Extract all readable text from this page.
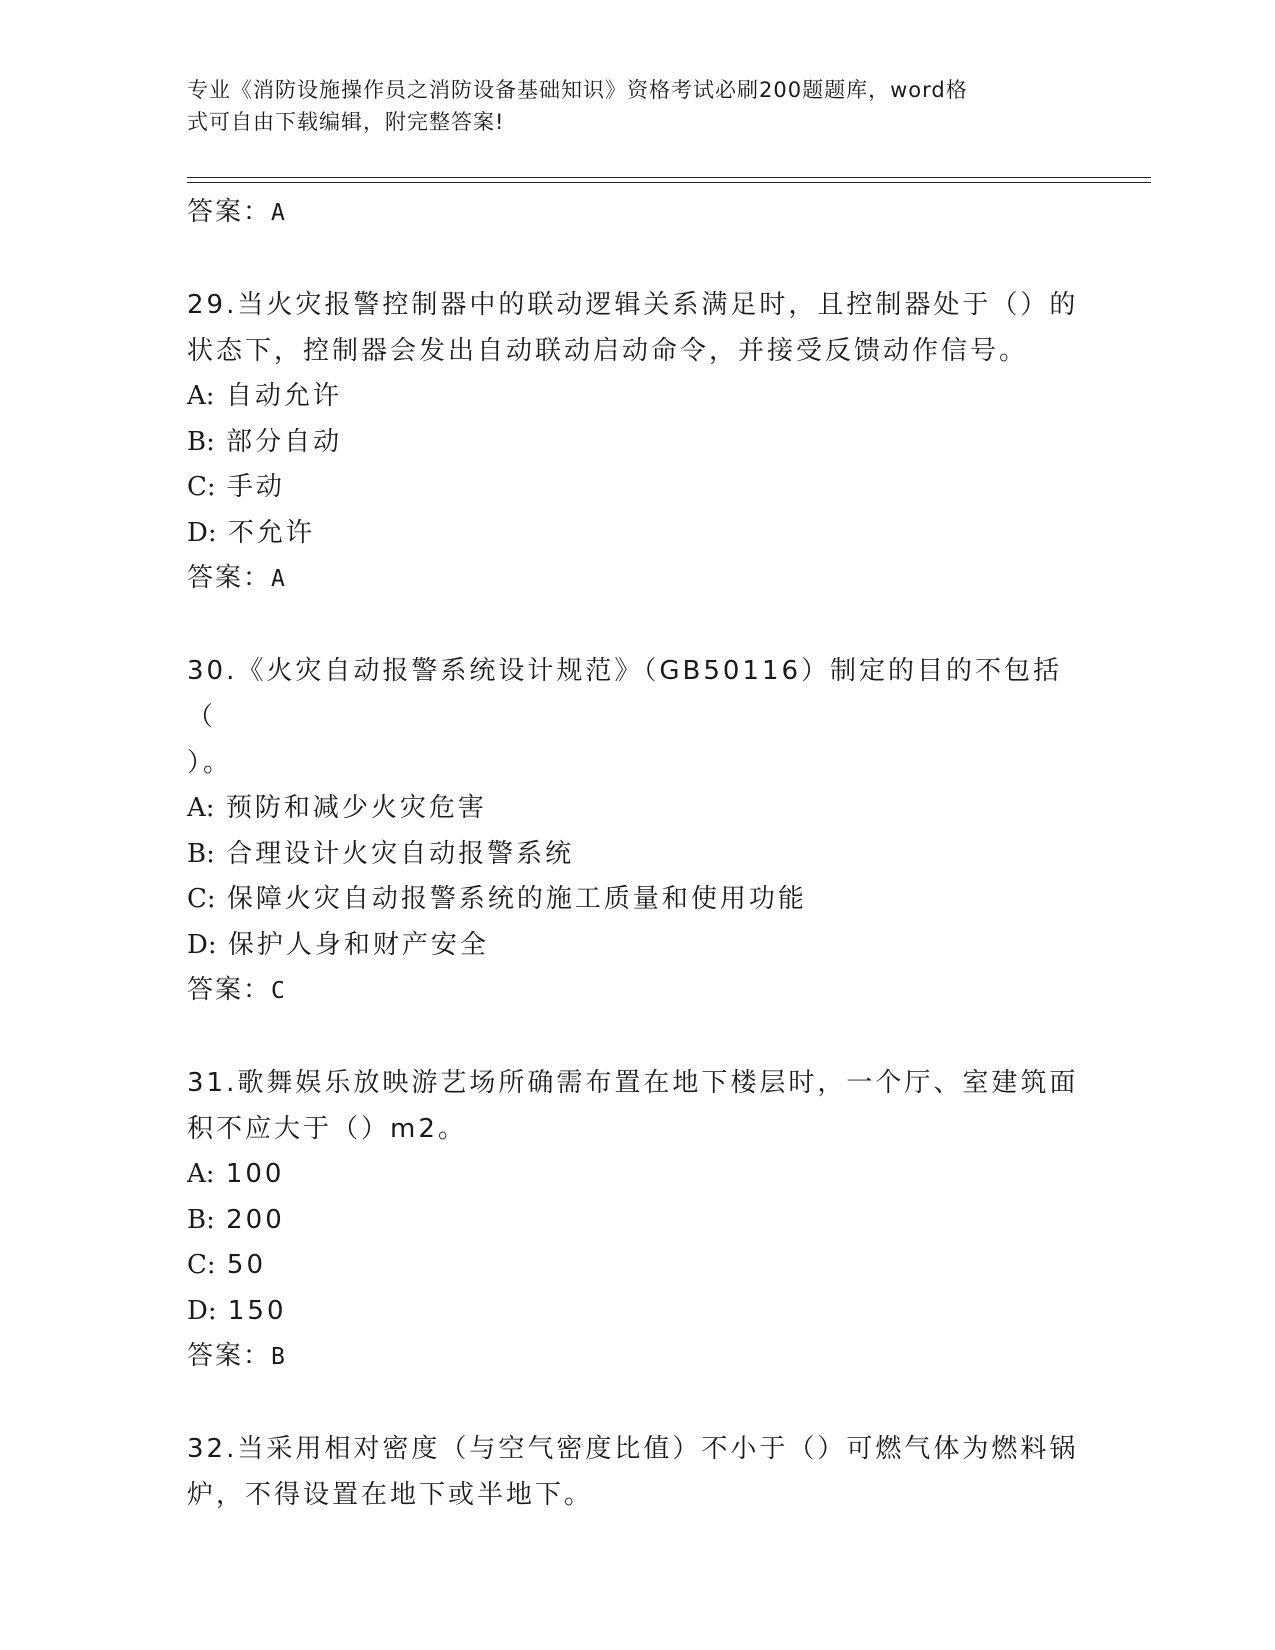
专业《消防设施操作员之消防设备基础知识》资格考试必刷200题题库，word格
式可自由下载编辑，附完整答案!
答案：A
29.当火灾报警控制器中的联动逻辑关系满足时，且控制器处于（）的
状态下，控制器会发出自动联动启动命令，并接受反馈动作信号。
A: 自动允许
B: 部分自动
C: 手动
D: 不允许
答案：A
30.《火灾自动报警系统设计规范》（GB50116）制定的目的不包括（
）。
A: 预防和减少火灾危害
B: 合理设计火灾自动报警系统
C: 保障火灾自动报警系统的施工质量和使用功能
D: 保护人身和财产安全
答案：C
31.歌舞娱乐放映游艺场所确需布置在地下楼层时，一个厅、室建筑面
积不应大于（）m2。
A: 100
B: 200
C: 50
D: 150
答案：B
32.当采用相对密度（与空气密度比值）不小于（）可燃气体为燃料锅
炉，不得设置在地下或半地下。
